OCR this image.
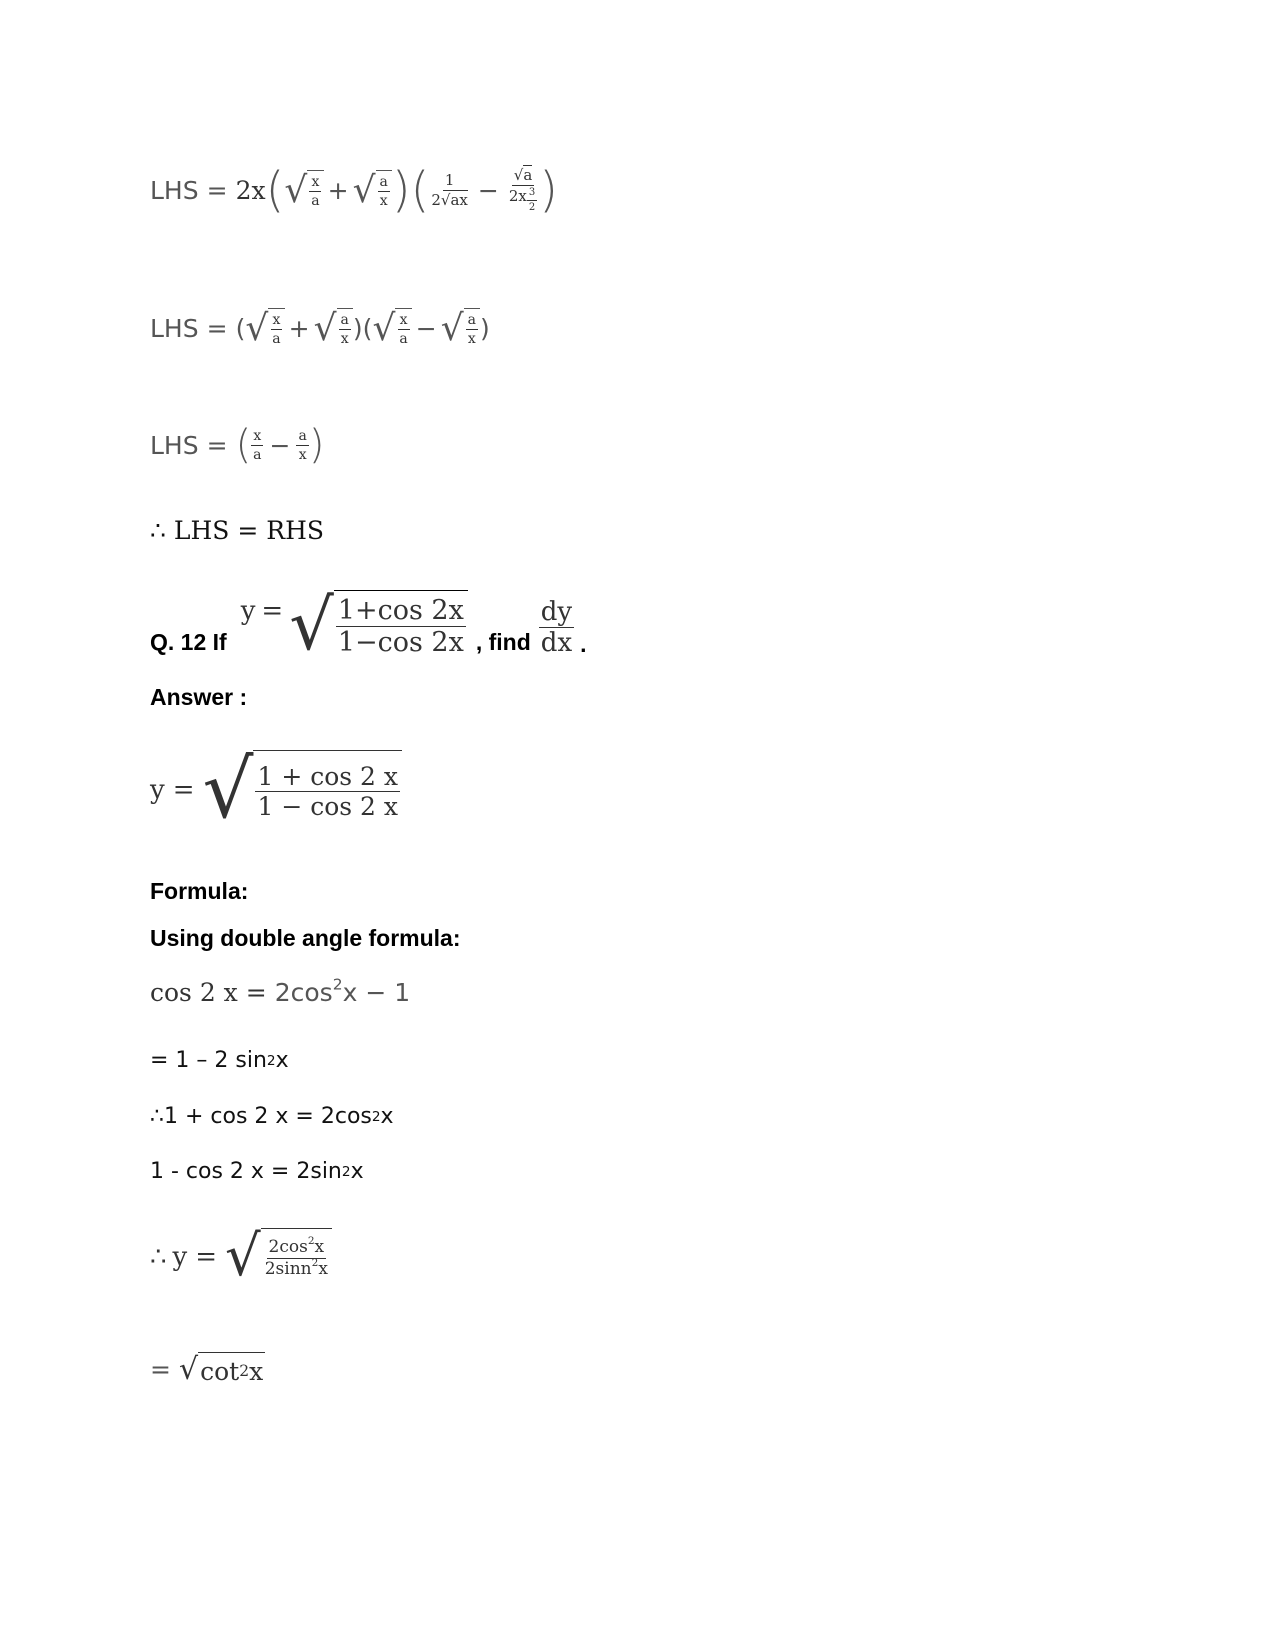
LHS = 2x ( √ $\frac{x}{a}$ + √ $\frac{a}{x}$ ) ( $\frac{1}{2√ax} - \frac{√a}{2x \frac{3}{2}}$ )
LHS = ( √ $\frac{x}{a}$ + √ $\frac{a}{x}$ ) ( √ $\frac{x}{a}$ − √ $\frac{a}{x}$ )
LHS = ( $\frac{x}{a} - \frac{a}{x}$ )
∴ LHS = RHS
Q. 12 If
y = √ $\frac{1+\cos 2x}{1-\cos 2x}$ , find $\frac{dy}{dx}$ .
Answer :
y = √ $\frac{1 + \cos 2 x}{1 - \cos 2 x}$
Formula:
Using double angle formula:
cos 2 $x = 2\cos^2x - 1$
= 1 – 2 sin 2 x
∴1 + cos 2 x = 2cos 2 x
1 - cos 2 x = 2sin 2 x
∴ y = √ $\frac{2\cos^2x}{2\sin n^2x}$
= √ cot 2 x
